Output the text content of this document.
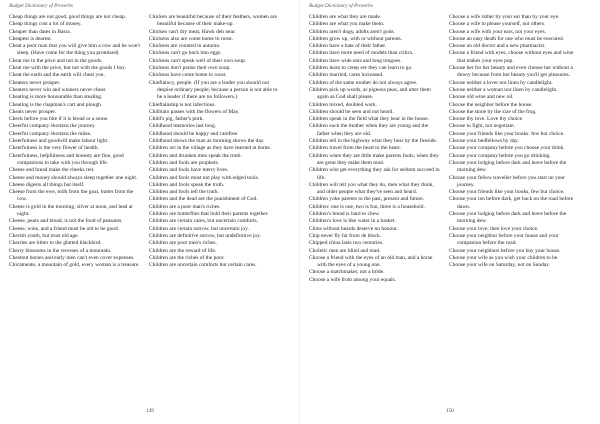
Budget Dictionary of Proverbs

Cheap things are not good, good things are not cheap.

Cheap things cost a lot of money.

Cheaper than dates in Basra.

Cheapest is dearest.

Cheat a poor man that you will give him a cow and he won't sleep. (Have come for the thing you promised)

Cheat me in the price and not in the goods.

Cheat me with the price, but not with the goods I buy.

Cheat the earth and the earth will cheat you.

Cheaters never prosper.

Cheaters never win and winners never cheat.

Cheating is more honourable than stealing.

Cheating is the chapman's cart and plough.

Cheats never prosper.

Check before you bite if it is bread or a stone.

Cheerful company shortens the journey.

Cheerful company shortens the miles.

Cheerfulness and goodwill make labour light.

Cheerfulness is the very flower of health.

Cheerfulness, helpfulness and honesty are fine, good companions to take with you through life.

Cheese and bread make the cheeks red.

Cheese and money should always sleep together one night.

Cheese digests all things but itself.

Cheese from the ewe, milk from the goat, butter from the cow.

Cheese is gold in the morning, silver at noon, and lead at night.

Cheese, pears and bread, is not the food of peasants.

Cheese, wine, and a friend must be old to be good.

Cherish youth, but trust old age.

Cherries are bitter to the glutted blackbird.

Cherry blossoms in the recesses of a mountain.

Chestnut horses and early men can't even cover expenses.

Chicamente, a mountain of gold, every woman is a treasure.

Chicken are beautiful because of their feathers, women are beautiful because of their make-up.

Chicken can't dry meat, Hawk deh near.

Chickens also are come home to roost.

Chickens are counted in autumn.

Chickens can't go back into eggs.

Chickens can't speak well of their own soup.

Chickens don't praise their own soup.

Chickens have come home to roost.

Chieftaincy, people. (If you are a leader you should not despise ordinary people, because a person is not able to be a leader if there are no followers.)

Chieftainship is not infectious.

Chilblain passes with the flowers of May.

Child's pig, father's pork.

Childhood memories last long.

Childhood should be happy and carefree.

Childhood shows the man as morning shows the day.

Children act in the village as they have learned at home.

Children and drunken men speak the truth.

Children and fools are prophets.

Children and fools have merry lives.

Children and fools must not play with edged tools.

Children and fools speak the truth.

Children and fools tell the truth.

Children and the dead are the punishment of God.

Children are a poor man's riches.

Children are butterflies that hold their parents together.

Children are certain cares, but uncertain comforts.

Children are certain sorrow, but uncertain joy.

Children are definitive sorrow, but undefinitive joy.

Children are poor men's riches.

Children are the reward of life.

Children are the riches of the poor.

Children are uncertain comforts but certain cares.

149
Budget Dictionary of Proverbs

Children are what they are made.

Children are what you make them.

Children aren't dogs; adults aren't gods.

Children grow up, with or without parents.

Children have a hate of their father.

Children have more need of models than critics.

Children have wide ears and long tongues.

Children learn to creep ere they can learn to go.

Children married, cares increased.

Children of the same mother do not always agree.

Children pick up words, as pigeons peas, and utter them again as God shall please.

Children mixed, doubled work.

Children should be seen and not heard.

Children speak in the field what they hear in the house.

Children suck the mother when they are young and the father when they are old.

Children tell in the highway what they hear by the fireside.

Children travel from the heart to the heart.

Children when they are little make parents fools, when they are great they make them mad.

Children who get everything they ask for seldom succeed in life.

Children will tell you what they do, men what they think, and older people what they've seen and heard.

Children yoke parents to the past, present and future.

Children: one is one, two is fun, three is a household.

Children's bread is hard to chew.

Children's love is like water in a basket.

Chins without beards deserve no honour.

Chip never fly far from de block.

Chipped china lasts two centuries.

Choleric men are blind and mad.

Choose a friend with the eyes of an old man, and a horse with the eyes of a young one.

Choose a matchmaker, not a bride.

Choose a wife from among your equals.

Choose a wife rather by your ear than by your eye.

Choose a wife to please yourself, not others.

Choose a wife with your ears, not your eyes.

Choose an easy death for one who must be executed.

Choose an old doctor and a new pharmacist.

Choose a friend with eyes, choose without eyes and wine that makes your eyes pop.

Choose her for her beauty and even choose her without a dowry because from her beauty you'll get pleasures.

Choose neither a lover nor linen by candlelight.

Choose neither a woman nor linen by candlelight.

Choose old wine and new oil.

Choose the neighbor before the house.

Choose the stone by the size of the frog.

Choose thy love. Love thy choice.

Choose to fight, not negotiate.

Choose your friends like your books: few but choice.

Choose your bedfellows by day.

Choose your company before you choose your drink.

Choose your company before you go drinking.

Choose your lodging before dark and leave before the morning dew.

Choose your fellow traveller before you start on your journey.

Choose your friends like your books, few but choice.

Choose your inn before dark, get back on the road before dawn.

Choose your lodging before dark and leave before the morning dew.

Choose your love, then love your choice.

Choose your neighbor before your house and your companion before the road.

Choose your neighbors before you buy your house.

Choose your wife as you wish your children to be.

Choose your wife on Saturday, not on Sunday.

150
